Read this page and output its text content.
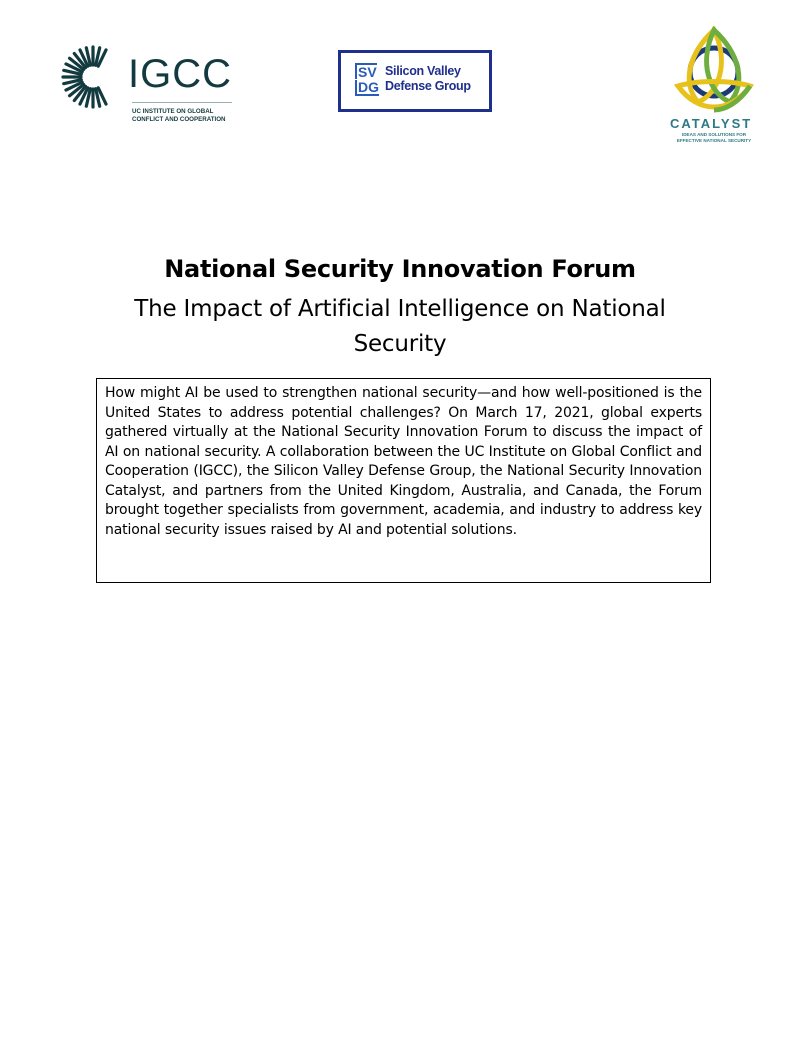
IGCC
UC INSTITUTE ON GLOBAL
CONFLICT AND COOPERATION
SV
DG
Silicon Valley
Defense Group
CATALYST
IDEAS AND SOLUTIONS FOR
EFFECTIVE NATIONAL SECURITY
National Security Innovation Forum
The Impact of Artificial Intelligence on National
Security

How might AI be used to strengthen national security—and how well-positioned is the United States to address potential challenges? On March 17, 2021, global experts gathered virtually at the National Security Innovation Forum to discuss the impact of AI on national security. A collaboration between the UC Institute on Global Conflict and Cooperation (IGCC), the Silicon Valley Defense Group, the National Security Innovation Catalyst, and partners from the United Kingdom, Australia, and Canada, the Forum brought together specialists from government, academia, and industry to address key national security issues raised by AI and potential solutions.
